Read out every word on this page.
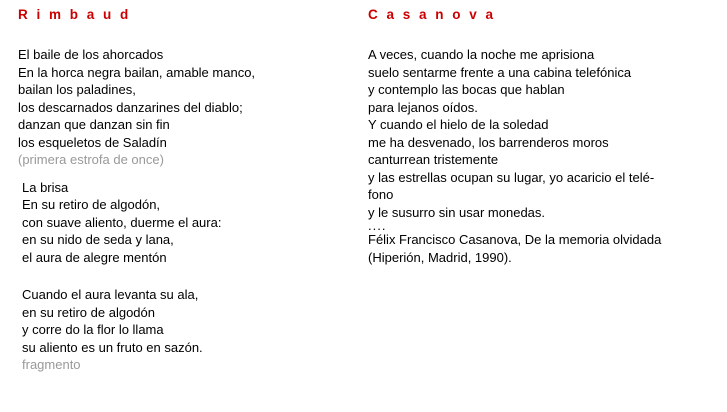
R i m b a u d
El baile de los ahorcados
En la horca negra bailan, amable manco,
bailan los paladines,
los descarnados danzarines del diablo;
danzan que danzan sin fin
los esqueletos de Saladín
(primera estrofa de once)
La brisa
En su retiro de algodón,
con suave aliento, duerme el aura:
en su nido de seda y lana,
el aura de alegre mentón
Cuando el aura levanta su ala,
en su retiro de algodón
y corre do la flor lo llama
su aliento es un fruto en sazón.
fragmento
C a s a n o v a
A veces, cuando la noche me aprisiona
suelo sentarme frente a una cabina telefónica
y contemplo las bocas que hablan
para lejanos oídos.
Y cuando el hielo de la soledad
me ha desvenado, los barrenderos moros
canturrean tristemente
y las estrellas ocupan su lugar, yo acaricio el telé-
fono
y le susurro sin usar monedas.
....
Félix Francisco Casanova, De la memoria olvidada
(Hiperión, Madrid, 1990).
